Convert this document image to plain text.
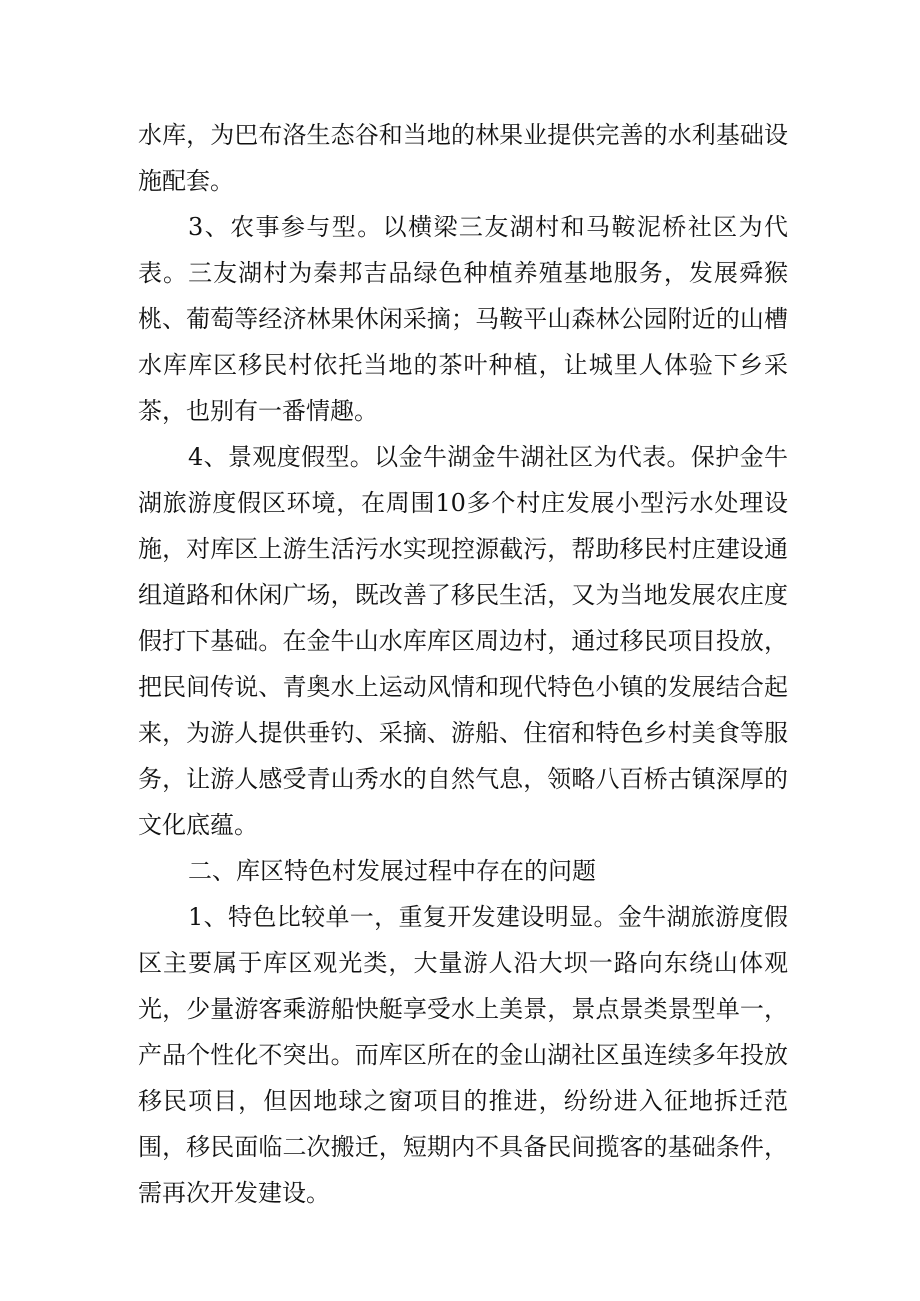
水库，为巴布洛生态谷和当地的林果业提供完善的水利基础设施配套。

3、农事参与型。以横梁三友湖村和马鞍泥桥社区为代表。三友湖村为秦邦吉品绿色种植养殖基地服务，发展舜猴桃、葡萄等经济林果休闲采摘；马鞍平山森林公园附近的山槽水库库区移民村依托当地的茶叶种植，让城里人体验下乡采茶，也别有一番情趣。

4、景观度假型。以金牛湖金牛湖社区为代表。保护金牛湖旅游度假区环境，在周围10多个村庄发展小型污水处理设施，对库区上游生活污水实现控源截污，帮助移民村庄建设通组道路和休闲广场，既改善了移民生活，又为当地发展农庄度假打下基础。在金牛山水库库区周边村，通过移民项目投放，把民间传说、青奥水上运动风情和现代特色小镇的发展结合起来，为游人提供垂钓、采摘、游船、住宿和特色乡村美食等服务，让游人感受青山秀水的自然气息，领略八百桥古镇深厚的文化底蕴。

二、库区特色村发展过程中存在的问题

1、特色比较单一，重复开发建设明显。金牛湖旅游度假区主要属于库区观光类，大量游人沿大坝一路向东绕山体观光，少量游客乘游船快艇享受水上美景，景点景类景型单一，产品个性化不突出。而库区所在的金山湖社区虽连续多年投放移民项目，但因地球之窗项目的推进，纷纷进入征地拆迁范围，移民面临二次搬迁，短期内不具备民间揽客的基础条件，需再次开发建设。
